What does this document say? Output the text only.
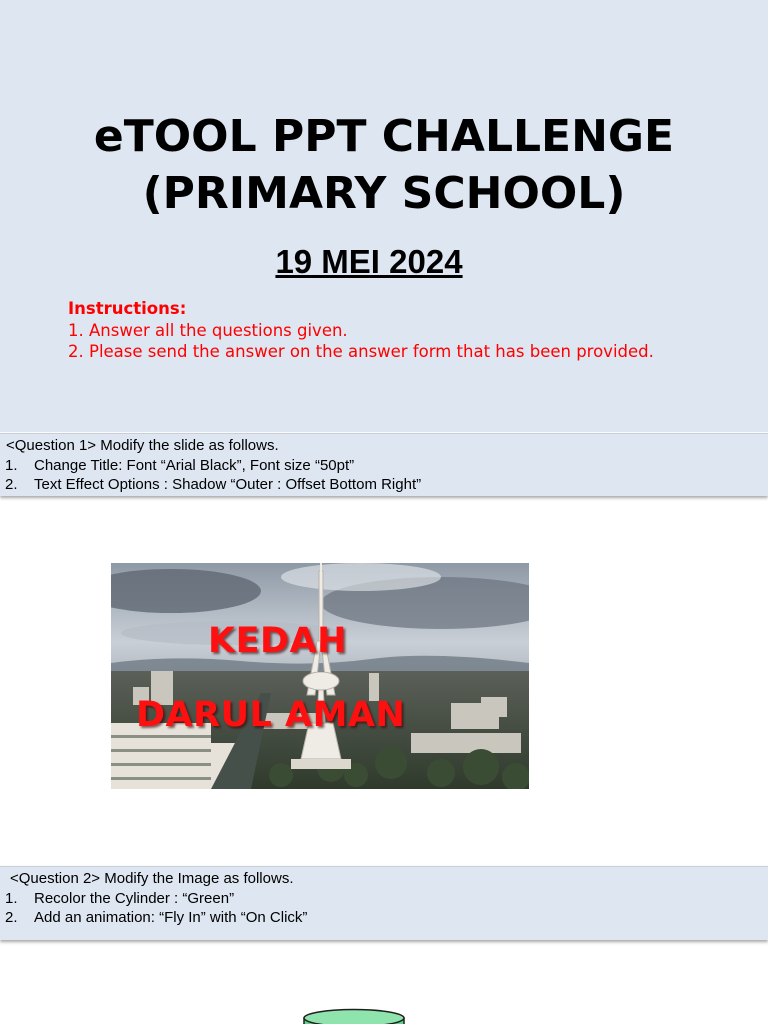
eTOOL PPT CHALLENGE
(PRIMARY SCHOOL)
19 MEI 2024
Instructions:
1. Answer all the questions given.
2. Please send the answer on the answer form that has been provided.
<Question 1> Modify the slide as follows.
1. Change Title: Font “Arial Black”, Font size “50pt”
2. Text Effect Options : Shadow “Outer : Offset Bottom Right”
KEDAH
DARUL AMAN
<Question 2> Modify the Image as follows.
1. Recolor the Cylinder : “Green”
2. Add an animation: “Fly In” with “On Click”
